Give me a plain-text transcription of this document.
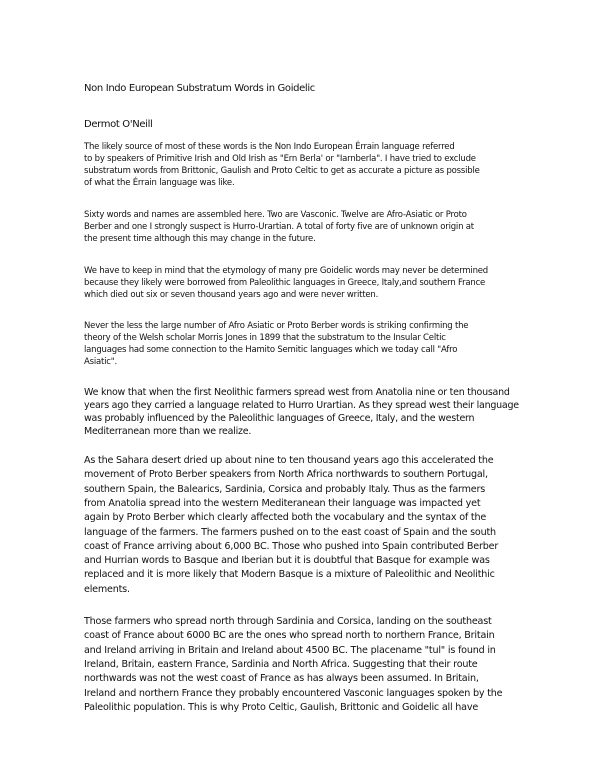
Non Indo European Substratum Words in Goidelic
Dermot O'Neill
The likely source of most of these words is the Non Indo European Érrain language referred
to by speakers of Primitive Irish and Old Irish as "Ern Berla' or "Iarnberla". I have tried to exclude
substratum words from Brittonic, Gaulish and Proto Celtic to get as accurate a picture as possible
of what the Érrain language was like.
Sixty words and names are assembled here. Two are Vasconic. Twelve are Afro-Asiatic or Proto
Berber and one I strongly suspect is Hurro-Urartian. A total of forty five are of unknown origin at
the present time although this may change in the future.
We have to keep in mind that the etymology of many pre Goidelic words may never be determined
because they likely were borrowed from Paleolithic languages in Greece, Italy,and southern France
which died out six or seven thousand years ago and were never written.
Never the less the large number of Afro Asiatic or Proto Berber words is striking confirming the
theory of the Welsh scholar Morris Jones in 1899 that the substratum to the Insular Celtic
languages had some connection to the Hamito Semitic languages which we today call "Afro
Asiatic".
We know that when the first Neolithic farmers spread west from Anatolia nine or ten thousand
years ago they carried a language related to Hurro Urartian. As they spread west their language
was probably influenced by the Paleolithic languages of Greece, Italy, and the western
Mediterranean more than we realize.
As the Sahara desert dried up about nine to ten thousand years ago this accelerated the
movement of Proto Berber speakers from North Africa northwards to southern Portugal,
southern Spain, the Balearics, Sardinia, Corsica and probably Italy. Thus as the farmers
from Anatolia spread into the western Mediteranean their language was impacted yet
again by Proto Berber which clearly affected both the vocabulary and the syntax of the
language of the farmers. The farmers pushed on to the east coast of Spain and the south
coast of France arriving about 6,000 BC. Those who pushed into Spain contributed Berber
and Hurrian words to Basque and Iberian but it is doubtful that Basque for example was
replaced and it is more likely that Modern Basque is a mixture of Paleolithic and Neolithic
elements.
Those farmers who spread north through Sardinia and Corsica, landing on the southeast
coast of France about 6000 BC are the ones who spread north to northern France, Britain
and Ireland arriving in Britain and Ireland about 4500 BC. The placename "tul" is found in
Ireland, Britain, eastern France, Sardinia and North Africa. Suggesting that their route
northwards was not the west coast of France as has always been assumed. In Britain,
Ireland and northern France they probably encountered Vasconic languages spoken by the
Paleolithic population. This is why Proto Celtic, Gaulish, Brittonic and Goidelic all have
